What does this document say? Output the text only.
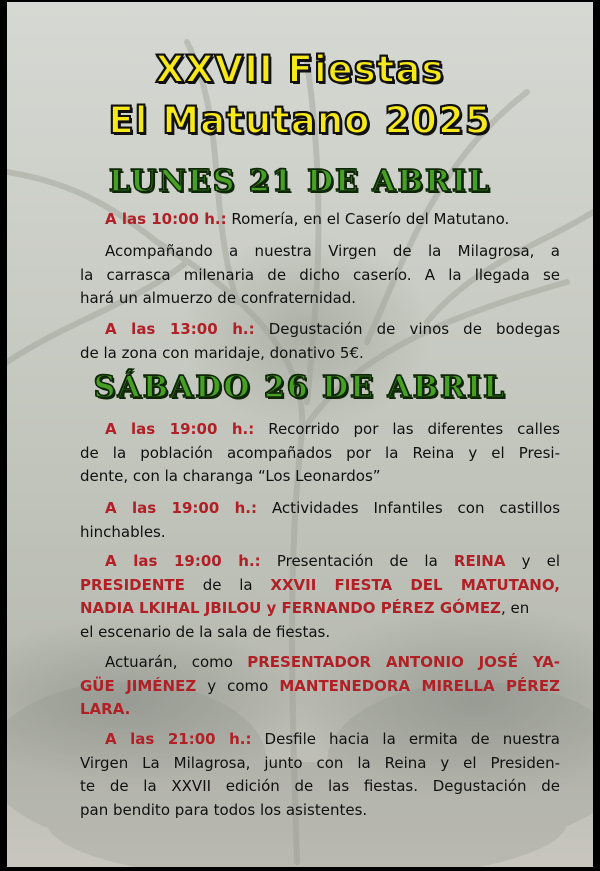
XXVII Fiestas
El Matutano 2025
LUNES 21 DE ABRIL
A las 10:00 h.: Romería, en el Caserío del Matutano.
Acompañando a nuestra Virgen de la Milagrosa, a
la carrasca milenaria de dicho caserío. A la llegada se
hará un almuerzo de confraternidad.
A las 13:00 h.: Degustación de vinos de bodegas
de la zona con maridaje, donativo 5€.
SÁBADO 26 DE ABRIL
A las 19:00 h.: Recorrido por las diferentes calles
de la población acompañados por la Reina y el Presi-
dente, con la charanga “Los Leonardos”
A las 19:00 h.: Actividades Infantiles con castillos
hinchables.
A las 19:00 h.: Presentación de la REINA y el
PRESIDENTE de la XXVII FIESTA DEL MATUTANO,
NADIA LKIHAL JBILOU y FERNANDO PÉREZ GÓMEZ, en
el escenario de la sala de fiestas.
Actuarán, como PRESENTADOR ANTONIO JOSÉ YA-
GÜE JIMÉNEZ y como MANTENEDORA MIRELLA PÉREZ
LARA.
A las 21:00 h.: Desfile hacia la ermita de nuestra
Virgen La Milagrosa, junto con la Reina y el Presiden-
te de la XXVII edición de las fiestas. Degustación de
pan bendito para todos los asistentes.
